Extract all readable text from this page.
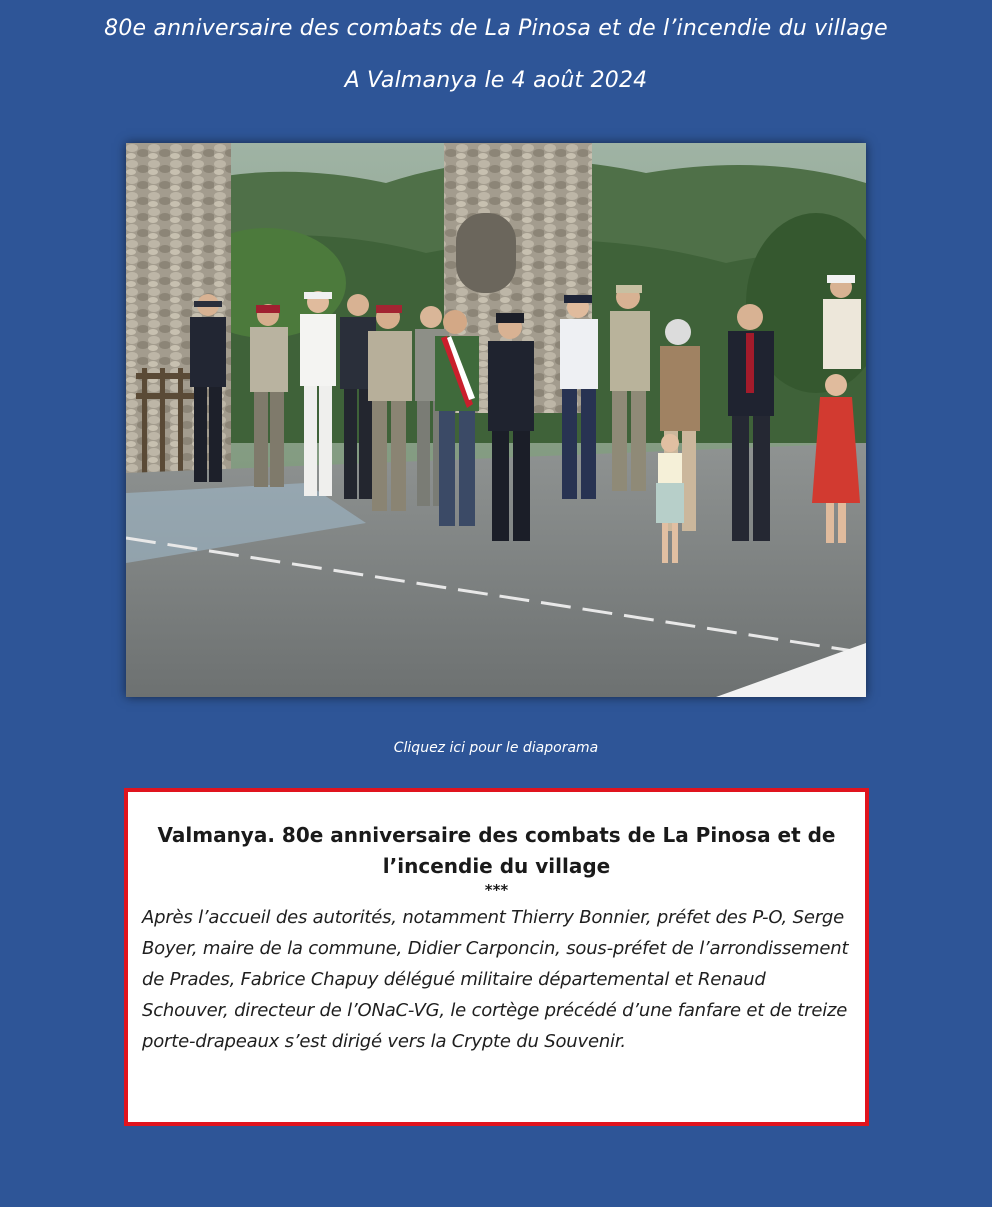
80e anniversaire des combats de La Pinosa et de l’incendie du village
A Valmanya le 4 août 2024
Cliquez ici pour le diaporama
Valmanya. 80e anniversaire des combats de La Pinosa et de l’incendie du village
***
Après l’accueil des autorités, notamment Thierry Bonnier, préfet des P-O, Serge Boyer, maire de la commune, Didier Carponcin, sous-préfet de l’arrondissement de Prades, Fabrice Chapuy délégué militaire départemental et Renaud Schouver, directeur de l’ONaC-VG, le cortège précédé d’une fanfare et de treize porte-drapeaux s’est dirigé vers la Crypte du Souvenir.
